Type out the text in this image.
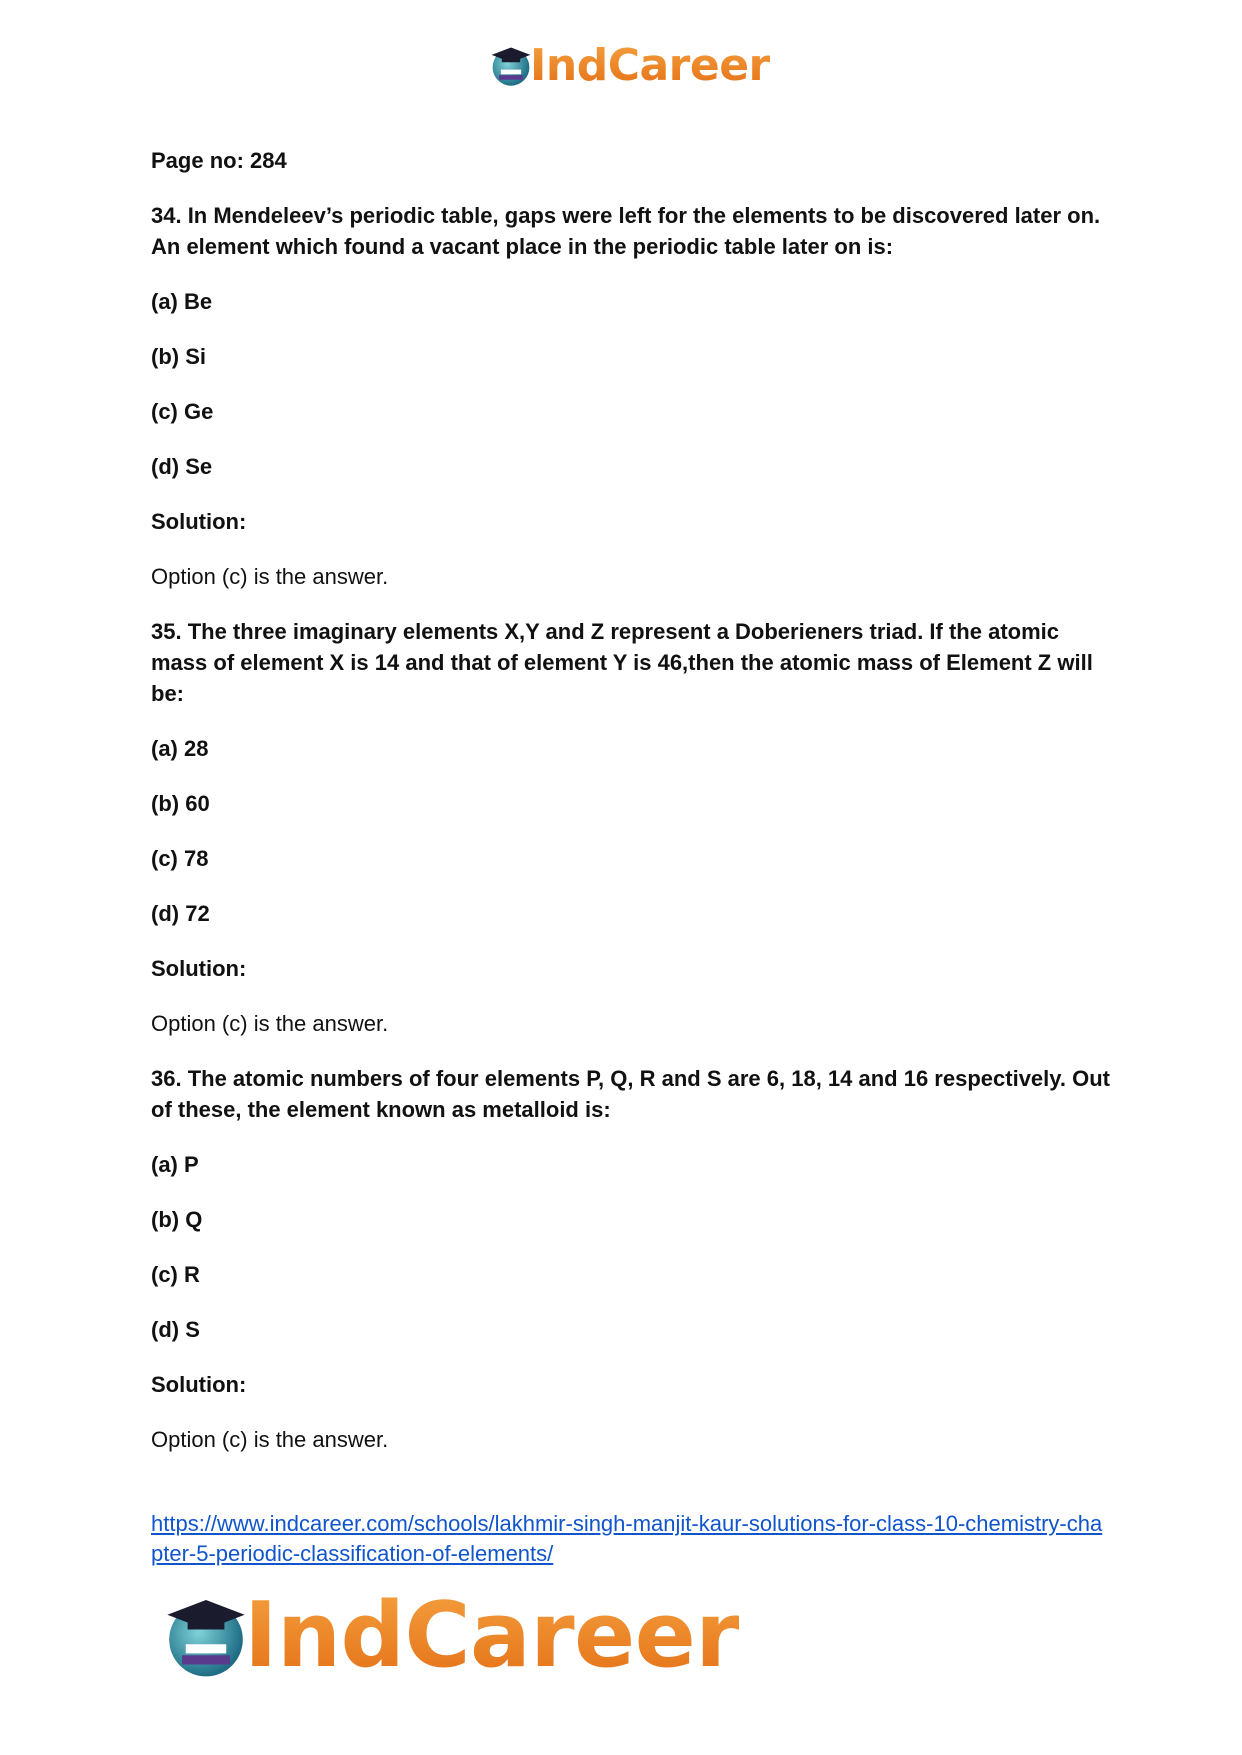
IndCareer

Page no: 284

34. In Mendeleev’s periodic table, gaps were left for the elements to be discovered later on. An element which found a vacant place in the periodic table later on is:

(a) Be

(b) Si

(c) Ge

(d) Se

Solution:

Option (c) is the answer.

35. The three imaginary elements X,Y and Z represent a Doberieners triad. If the atomic mass of element X is 14 and that of element Y is 46,then the atomic mass of Element Z will be:

(a) 28

(b) 60

(c) 78

(d) 72

Solution:

Option (c) is the answer.

36. The atomic numbers of four elements P, Q, R and S are 6, 18, 14 and 16 respectively. Out of these, the element known as metalloid is:

(a) P

(b) Q

(c) R

(d) S

Solution:

Option (c) is the answer.

https://www.indcareer.com/schools/lakhmir-singh-manjit-kaur-solutions-for-class-10-chemistry-chapter-5-periodic-classification-of-elements/
IndCareer
